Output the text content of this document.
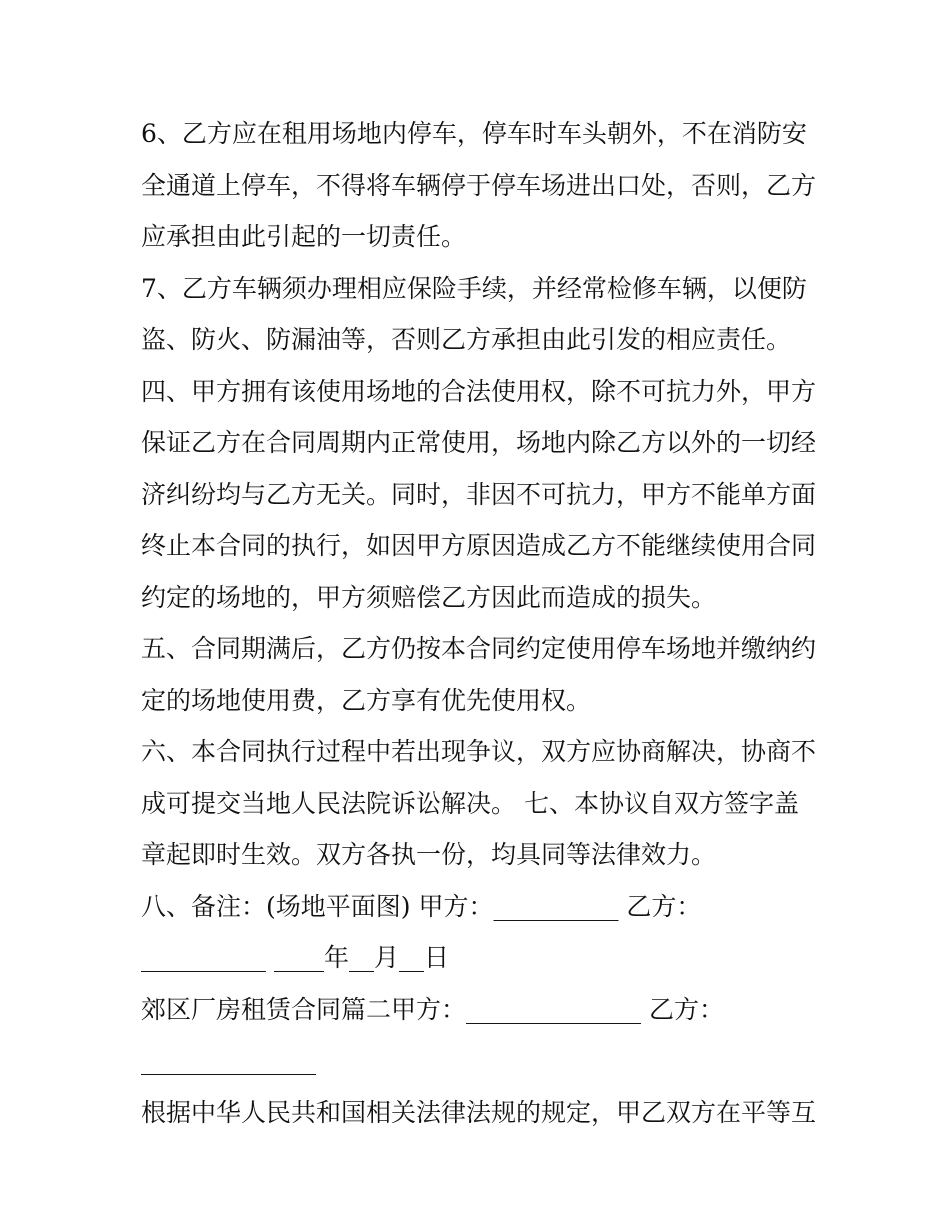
6、乙方应在租用场地内停车，停车时车头朝外，不在消防安
全通道上停车，不得将车辆停于停车场进出口处，否则，乙方
应承担由此引起的一切责任。
7、乙方车辆须办理相应保险手续，并经常检修车辆，以便防
盗、防火、防漏油等，否则乙方承担由此引发的相应责任。
四、甲方拥有该使用场地的合法使用权，除不可抗力外，甲方
保证乙方在合同周期内正常使用，场地内除乙方以外的一切经
济纠纷均与乙方无关。同时，非因不可抗力，甲方不能单方面
终止本合同的执行，如因甲方原因造成乙方不能继续使用合同
约定的场地的，甲方须赔偿乙方因此而造成的损失。
五、合同期满后，乙方仍按本合同约定使用停车场地并缴纳约
定的场地使用费，乙方享有优先使用权。
六、本合同执行过程中若出现争议，双方应协商解决，协商不
成可提交当地人民法院诉讼解决。 七、本协议自双方签字盖
章起即时生效。双方各执一份，均具同等法律效力。
八、备注：(场地平面图) 甲方：__________ 乙方：
__________ ____年__月__日
郊区厂房租赁合同篇二甲方：______________ 乙方：
______________
根据中华人民共和国相关法律法规的规定，甲乙双方在平等互
